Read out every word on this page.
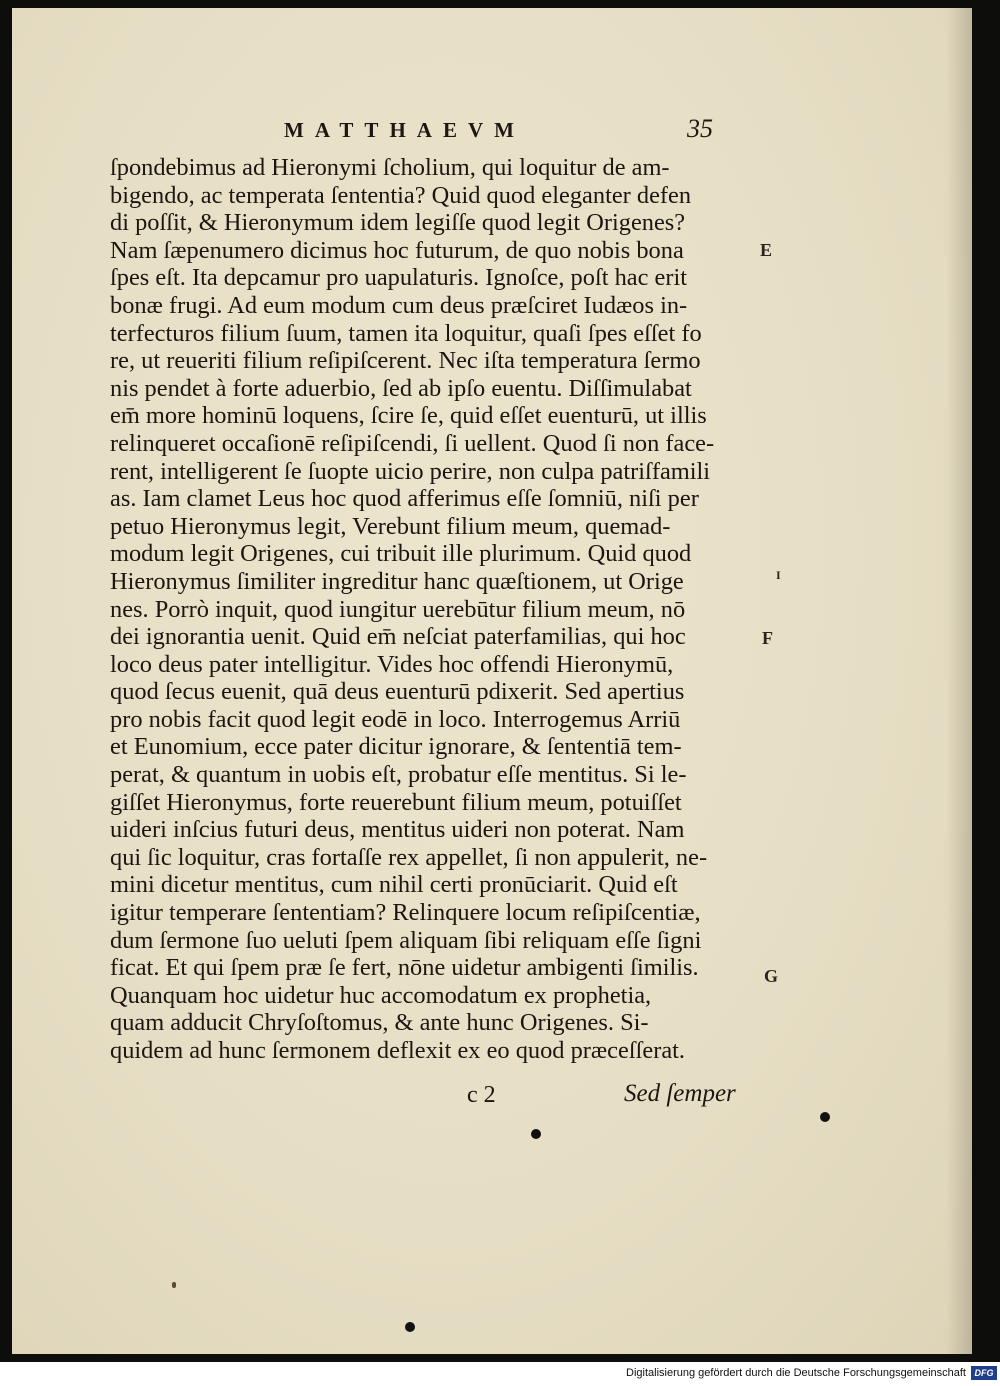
MATTHAEVM	35
ſpondebimus ad Hieronymi ſcholium, qui loquitur de am-
bigendo, ac temperata ſententia? Quid quod eleganter defen
di poſſit, & Hieronymum idem legiſſe quod legit Origenes?
Nam ſæpenumero dicimus hoc futurum, de quo nobis bona
ſpes eſt. Ita depcamur pro uapulaturis. Ignoſce, poſt hac erit
bonæ frugi. Ad eum modum cum deus præſciret Iudæos in-
terfecturos filium ſuum, tamen ita loquitur, quaſi ſpes eſſet fo
re, ut reueriti filium reſipiſcerent. Nec iſta temperatura ſermo
nis pendet à forte aduerbio, ſed ab ipſo euentu. Diſſimulabat
em̄ more hominū loquens, ſcire ſe, quid eſſet euenturū, ut illis
relinqueret occaſionē reſipiſcendi, ſi uellent. Quod ſi non face-
rent, intelligerent ſe ſuopte uicio perire, non culpa patriſfamili
as. Iam clamet Leus hoc quod afferimus eſſe ſomniū, niſi per
petuo Hieronymus legit, Verebunt filium meum, quemad-
modum legit Origenes, cui tribuit ille plurimum. Quid quod
Hieronymus ſimiliter ingreditur hanc quæſtionem, ut Orige
nes. Porrò inquit, quod iungitur uerebūtur filium meum, nō
dei ignorantia uenit. Quid em̄ neſciat paterfamilias, qui hoc
loco deus pater intelligitur. Vides hoc offendi Hieronymū,
quod ſecus euenit, quā deus euenturū pdixerit. Sed apertius
pro nobis facit quod legit eodē in loco. Interrogemus Arriū
et Eunomium, ecce pater dicitur ignorare, & ſententiā tem-
perat, & quantum in uobis eſt, probatur eſſe mentitus. Si le-
giſſet Hieronymus, forte reuerebunt filium meum, potuiſſet
uideri inſcius futuri deus, mentitus uideri non poterat. Nam
qui ſic loquitur, cras fortaſſe rex appellet, ſi non appulerit, ne-
mini dicetur mentitus, cum nihil certi pronūciarit. Quid eſt
igitur temperare ſententiam? Relinquere locum reſipiſcentiæ,
dum ſermone ſuo ueluti ſpem aliquam ſibi reliquam eſſe ſigni
ficat. Et qui ſpem præ ſe fert, nōne uidetur ambigenti ſimilis.
Quanquam hoc uidetur huc accomodatum ex prophetia,
quam adducit Chryſoſtomus, & ante hunc Origenes. Si-
quidem ad hunc ſermonem deflexit ex eo quod præceſſerat.
E
I
F
G
c 2	Sed ſemper
Digitalisierung gefördert durch die Deutsche Forschungsgemeinschaft DFG
